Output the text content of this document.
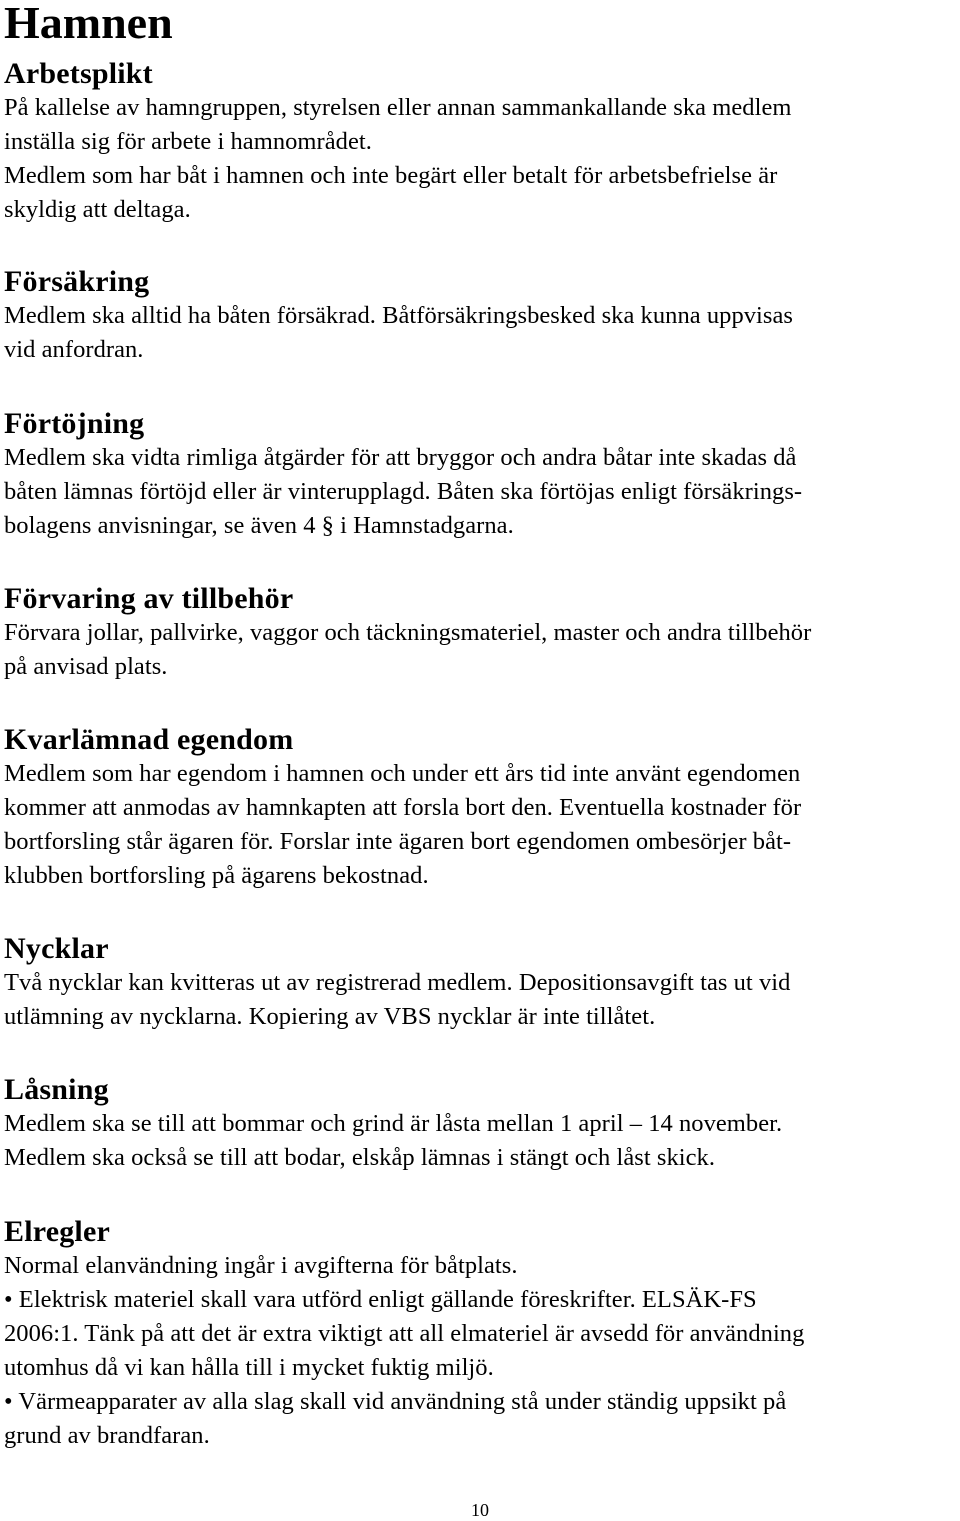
Hamnen
Arbetsplikt

På kallelse av hamngruppen, styrelsen eller annan sammankallande ska medlem

inställa sig för arbete i hamnområdet.

Medlem som har båt i hamnen och inte begärt eller betalt för arbetsbefrielse är

skyldig att deltaga.

Försäkring

Medlem ska alltid ha båten försäkrad. Båtförsäkringsbesked ska kunna uppvisas

vid anfordran.

Förtöjning

Medlem ska vidta rimliga åtgärder för att bryggor och andra båtar inte skadas då

båten lämnas förtöjd eller är vinterupplagd. Båten ska förtöjas enligt försäkrings-

bolagens anvisningar, se även 4 § i Hamnstadgarna.

Förvaring av tillbehör

Förvara jollar, pallvirke, vaggor och täckningsmateriel, master och andra tillbehör

på anvisad plats.

Kvarlämnad egendom

Medlem som har egendom i hamnen och under ett års tid inte använt egendomen

kommer att anmodas av hamnkapten att forsla bort den. Eventuella kostnader för

bortforsling står ägaren för. Forslar inte ägaren bort egendomen ombesörjer båt-

klubben bortforsling på ägarens bekostnad.

Nycklar

Två nycklar kan kvitteras ut av registrerad medlem. Depositionsavgift tas ut vid

utlämning av nycklarna. Kopiering av VBS nycklar är inte tillåtet.

Låsning

Medlem ska se till att bommar och grind är låsta mellan 1 april – 14 november.

Medlem ska också se till att bodar, elskåp lämnas i stängt och låst skick.

Elregler

Normal elanvändning ingår i avgifterna för båtplats.

• Elektrisk materiel skall vara utförd enligt gällande föreskrifter. ELSÄK-FS

2006:1. Tänk på att det är extra viktigt att all elmateriel är avsedd för användning

utomhus då vi kan hålla till i mycket fuktig miljö.

• Värmeapparater av alla slag skall vid användning stå under ständig uppsikt på

grund av brandfaran.

10
